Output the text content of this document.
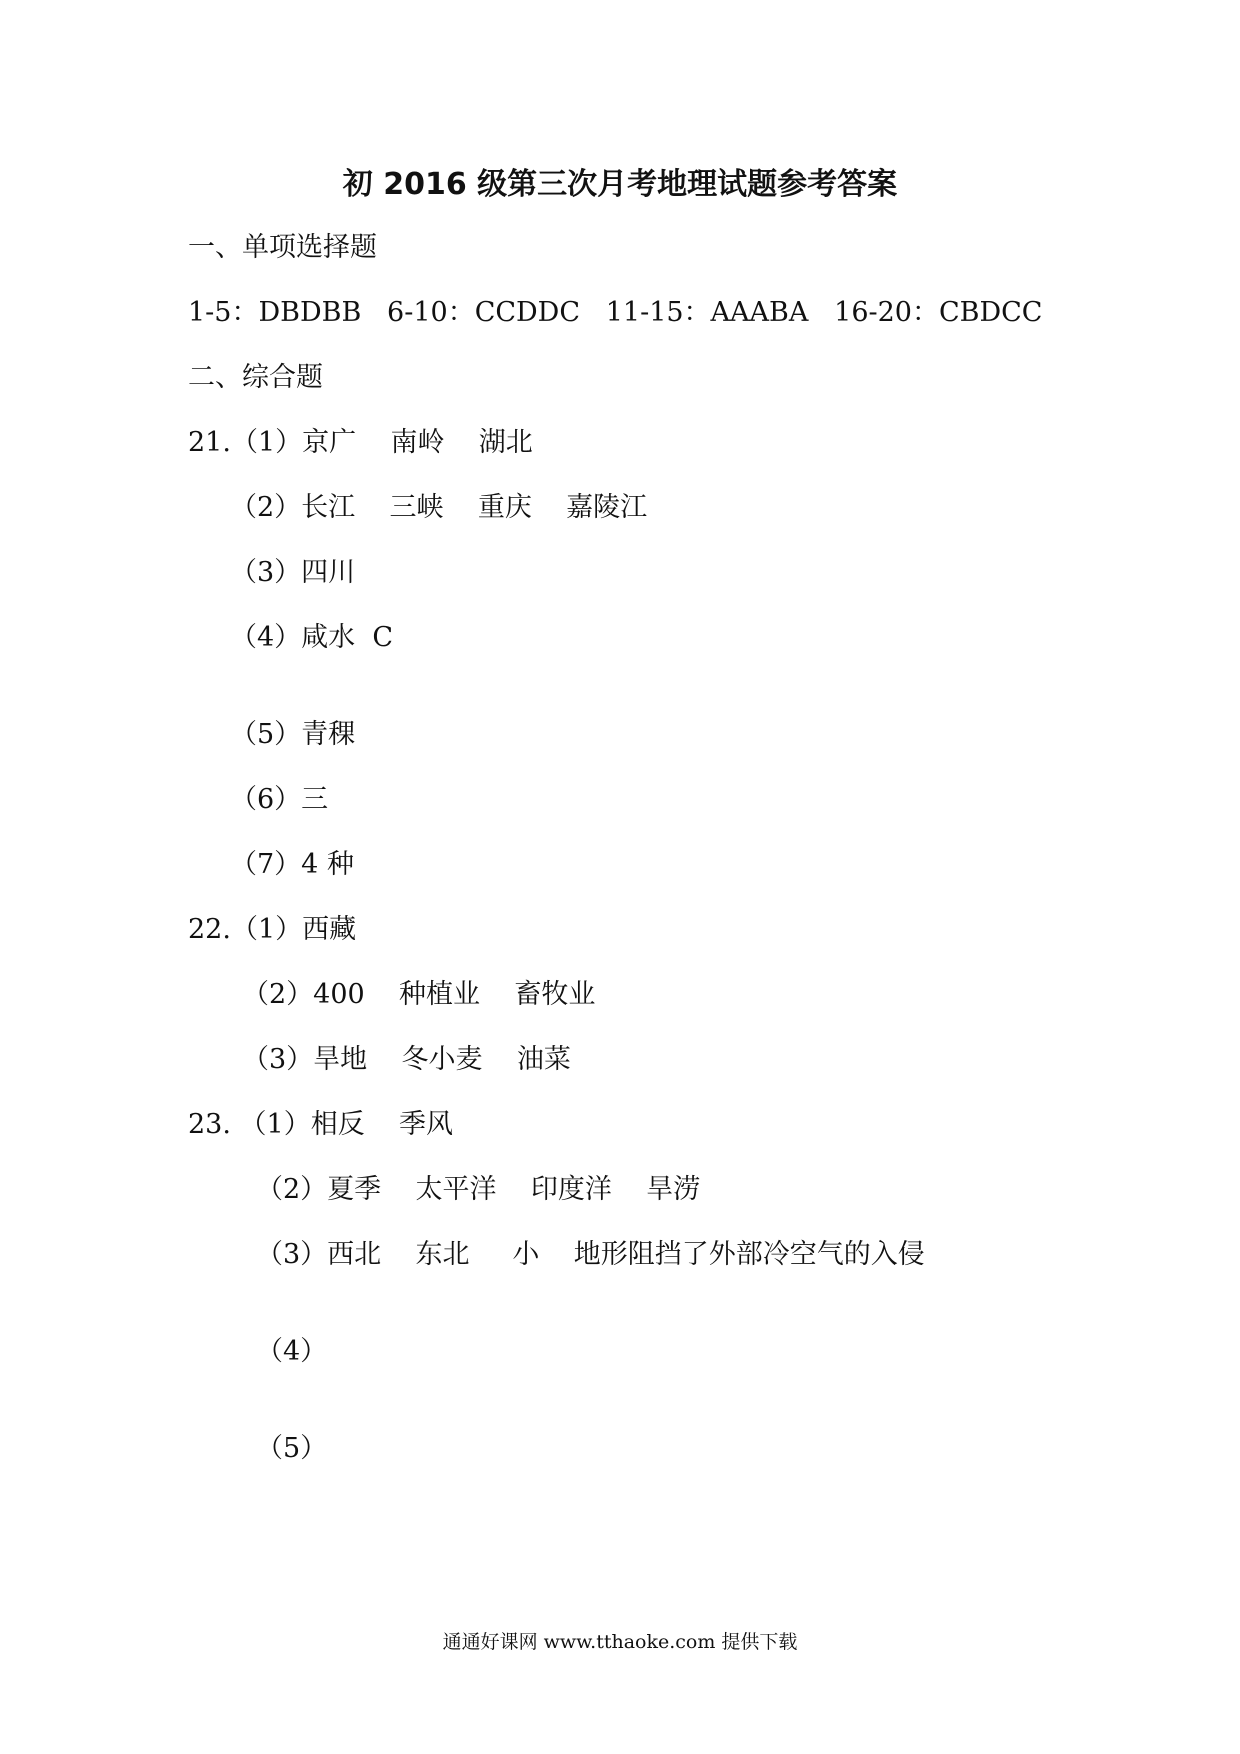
初 2016 级第三次月考地理试题参考答案
一、单项选择题
1-5：DBDBB   6-10：CCDDC   11-15：AAABA   16-20：CBDCC
二、综合题
21.（1）京广    南岭    湖北
（2）长江    三峡    重庆    嘉陵江
（3）四川
（4）咸水  C
（5）青稞
（6）三
（7）4 种
22.（1）西藏
（2）400    种植业    畜牧业
（3）旱地    冬小麦    油菜
23. （1）相反    季风
（2）夏季    太平洋    印度洋    旱涝
（3）西北    东北     小    地形阻挡了外部冷空气的入侵
（4）
（5）
通通好课网 www.tthaoke.com 提供下载
